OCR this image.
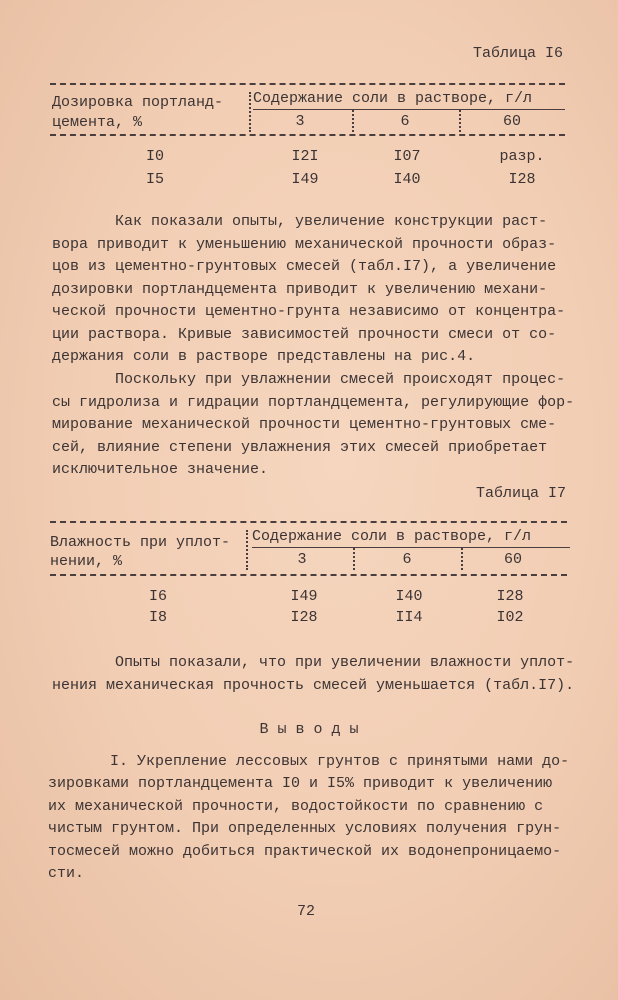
Таблица I6
Дозировка портланд-
цемента, %
Содержание соли в растворе, г/л
3	6	60
I0	I2I	I07	разр.
I5	I49	I40	I28
Как показали опыты, увеличение конструкции раст-
вора приводит к уменьшению механической прочности образ-
цов из цементно-грунтовых смесей (табл.I7), а увеличение
дозировки портландцемента приводит к увеличению механи-
ческой прочности цементно-грунта независимо от концентра-
ции раствора. Кривые зависимостей прочности смеси от со-
держания соли в растворе представлены на рис.4.
Поскольку при увлажнении смесей происходят процес-
сы гидролиза и гидрации портландцемента, регулирующие фор-
мирование механической прочности цементно-грунтовых сме-
сей, влияние степени увлажнения этих смесей приобретает
исключительное значение.
Таблица I7
Влажность при уплот-
нении, %
Содержание соли в растворе, г/л
3	6	60
I6	I49	I40	I28
I8	I28	II4	I02
Опыты показали, что при увеличении влажности уплот-
нения механическая прочность смесей уменьшается (табл.I7).
В ы в о д ы
I. Укрепление лессовых грунтов с принятыми нами до-
зировками портландцемента I0 и I5% приводит к увеличению
их механической прочности, водостойкости по сравнению с
чистым грунтом. При определенных условиях получения грун-
тосмесей можно добиться практической их водонепроницаемо-
сти.
72
